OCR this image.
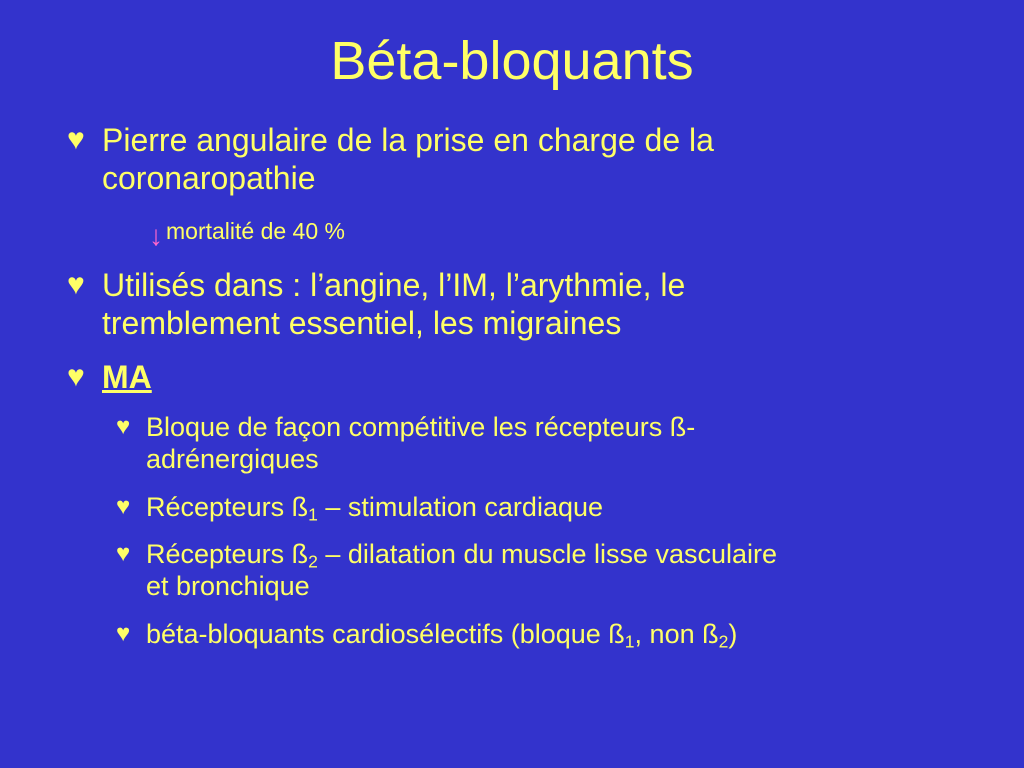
Béta-bloquants
♥ Pierre angulaire de la prise en charge de la
coronaropathie
↓ mortalité de 40 %
♥ Utilisés dans : l’angine, l’IM, l’arythmie, le
tremblement essentiel, les migraines
♥ MA
♥ Bloque de façon compétitive les récepteurs ß-
adrénergiques
♥ Récepteurs $ß_1$ – stimulation cardiaque
♥ Récepteurs $ß_2$ – dilatation du muscle lisse vasculaire
et bronchique
♥ béta-bloquants cardiosélectifs (bloque $ß_1$, non $ß_2$)
